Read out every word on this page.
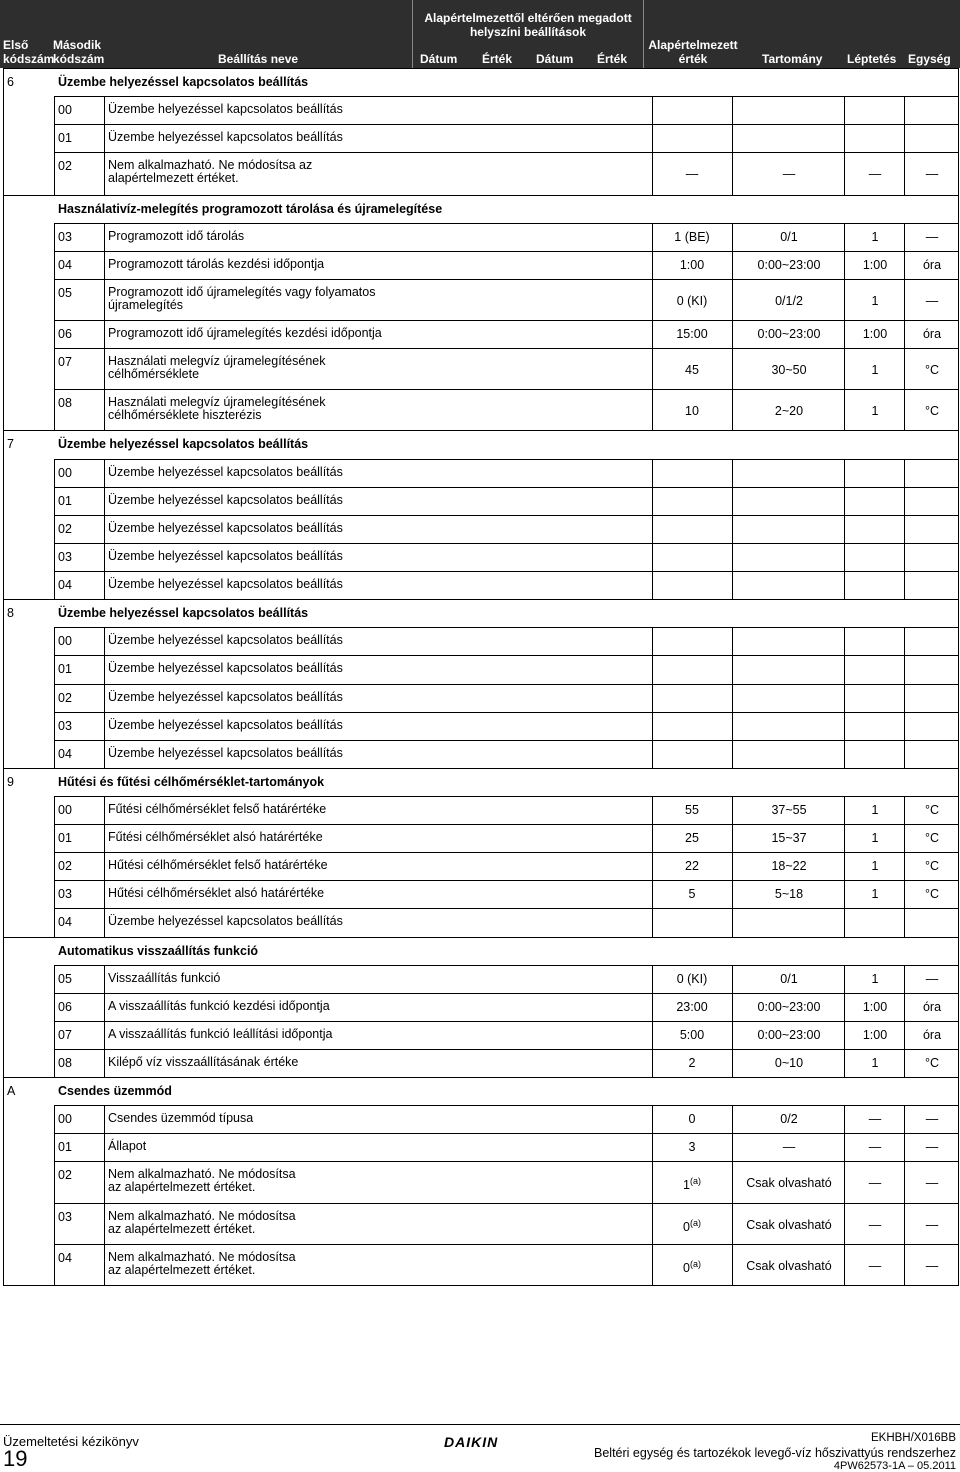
Első
kódszám
Második
kódszám	Beállítás neve
Alapértelmezettől eltérően megadott
helyszíni beállítások
Dátum Érték Dátum Érték
Alapértelmezett
érték	Tartomány Léptetés Egység
6	Üzembe helyezéssel kapcsolatos beállítás
00	Üzembe helyezéssel kapcsolatos beállítás
01	Üzembe helyezéssel kapcsolatos beállítás
02	Nem alkalmazható. Ne módosítsa az
alapértelmezett értéket.	—	—	—	—
Használativíz-melegítés programozott tárolása és újramelegítése
03	Programozott idő tárolás	1 (BE)	0/1	1	—
04	Programozott tárolás kezdési időpontja	1:00	0:00~23:00	1:00	óra
05	Programozott idő újramelegítés vagy folyamatos
újramelegítés	0 (KI)	0/1/2	1	—
06	Programozott idő újramelegítés kezdési időpontja	15:00	0:00~23:00	1:00	óra
07	Használati melegvíz újramelegítésének
célhőmérséklete	45	30~50	1	°C
08	Használati melegvíz újramelegítésének
célhőmérséklete hiszterézis	10	2~20	1	°C
7	Üzembe helyezéssel kapcsolatos beállítás
00	Üzembe helyezéssel kapcsolatos beállítás
01	Üzembe helyezéssel kapcsolatos beállítás
02	Üzembe helyezéssel kapcsolatos beállítás
03	Üzembe helyezéssel kapcsolatos beállítás
04	Üzembe helyezéssel kapcsolatos beállítás
8	Üzembe helyezéssel kapcsolatos beállítás
00	Üzembe helyezéssel kapcsolatos beállítás
01	Üzembe helyezéssel kapcsolatos beállítás
02	Üzembe helyezéssel kapcsolatos beállítás
03	Üzembe helyezéssel kapcsolatos beállítás
04	Üzembe helyezéssel kapcsolatos beállítás
9	Hűtési és fűtési célhőmérséklet-tartományok
00	Fűtési célhőmérséklet felső határértéke	55	37~55	1	°C
01	Fűtési célhőmérséklet alsó határértéke	25	15~37	1	°C
02	Hűtési célhőmérséklet felső határértéke	22	18~22	1	°C
03	Hűtési célhőmérséklet alsó határértéke	5	5~18	1	°C
04	Üzembe helyezéssel kapcsolatos beállítás
Automatikus visszaállítás funkció
05	Visszaállítás funkció	0 (KI)	0/1	1	—
06	A visszaállítás funkció kezdési időpontja	23:00	0:00~23:00	1:00	óra
07	A visszaállítás funkció leállítási időpontja	5:00	0:00~23:00	1:00	óra
08	Kilépő víz visszaállításának értéke	2	0~10	1	°C
A	Csendes üzemmód
00	Csendes üzemmód típusa	0	0/2	—	—
01	Állapot	3	—	—	—
02	Nem alkalmazható. Ne módosítsa
az alapértelmezett értéket.	1$^{(a)}$	Csak olvasható	—	—
03	Nem alkalmazható. Ne módosítsa
az alapértelmezett értéket.	0$^{(a)}$	Csak olvasható	—	—
04	Nem alkalmazható. Ne módosítsa
az alapértelmezett értéket.	0$^{(a)}$	Csak olvasható	—	—
Üzemeltetési kézikönyv
19
DAIKIN	EKHBH/X016BB
Beltéri egység és tartozékok levegő-víz hőszivattyús rendszerhez
4PW62573-1A – 05.2011
